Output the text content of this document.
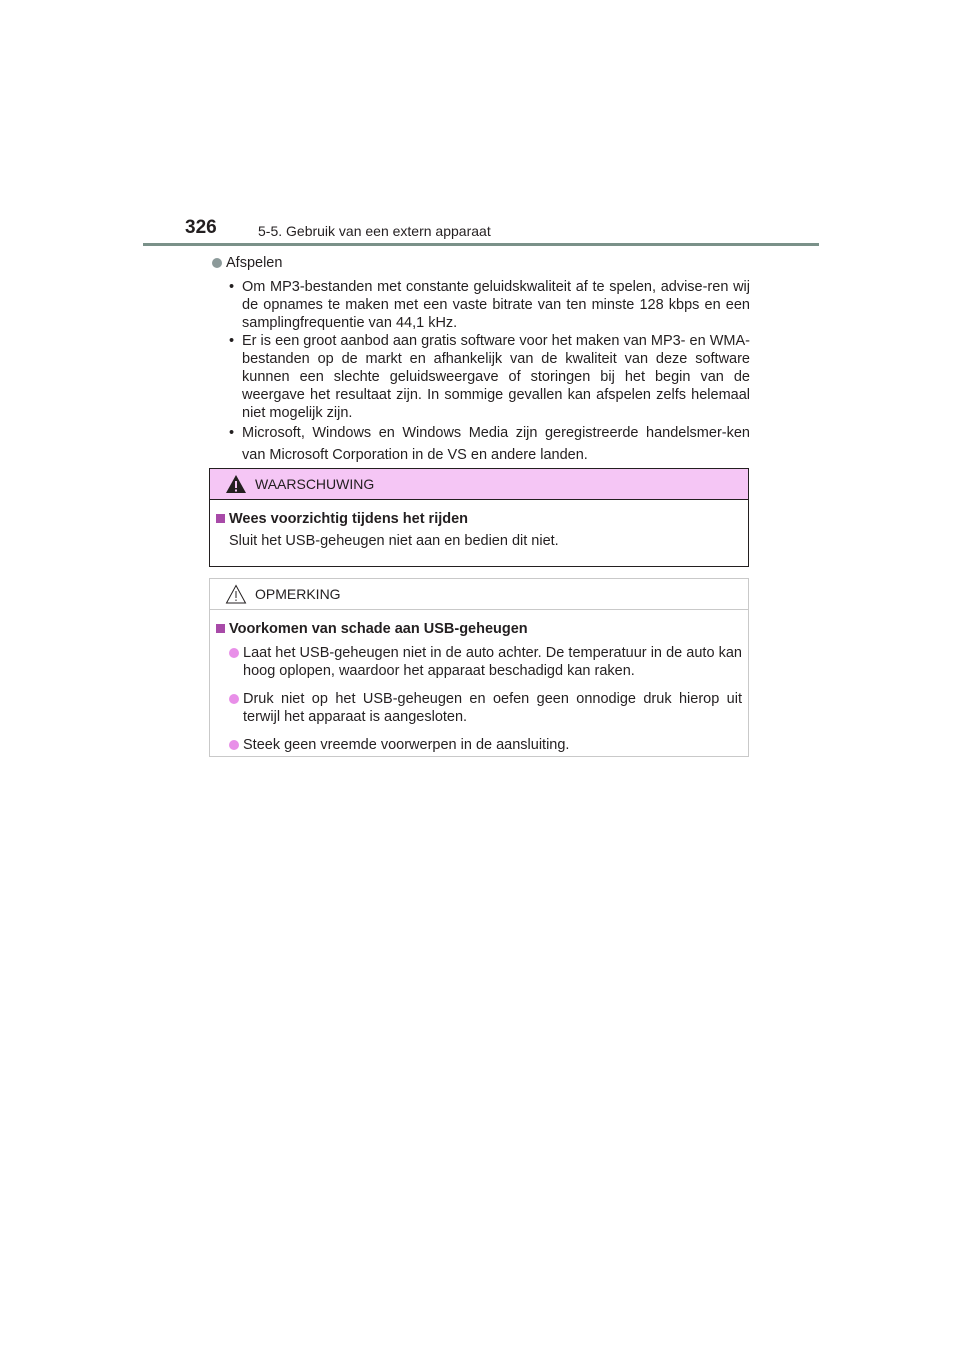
326	5-5. Gebruik van een extern apparaat

Afspelen

• Om MP3-bestanden met constante geluidskwaliteit af te spelen, advise-ren wij de opnames te maken met een vaste bitrate van ten minste 128 kbps en een samplingfrequentie van 44,1 kHz.
• Er is een groot aanbod aan gratis software voor het maken van MP3- en WMA-bestanden op de markt en afhankelijk van de kwaliteit van deze software kunnen een slechte geluidsweergave of storingen bij het begin van de weergave het resultaat zijn. In sommige gevallen kan afspelen zelfs helemaal niet mogelijk zijn.
• Microsoft, Windows en Windows Media zijn geregistreerde handelsmer-ken van Microsoft Corporation in de VS en andere landen.
WAARSCHUWING
Wees voorzichtig tijdens het rijden
Sluit het USB-geheugen niet aan en bedien dit niet.
OPMERKING
Voorkomen van schade aan USB-geheugen
Laat het USB-geheugen niet in de auto achter. De temperatuur in de auto kan hoog oplopen, waardoor het apparaat beschadigd kan raken.
Druk niet op het USB-geheugen en oefen geen onnodige druk hierop uit terwijl het apparaat is aangesloten.
Steek geen vreemde voorwerpen in de aansluiting.
